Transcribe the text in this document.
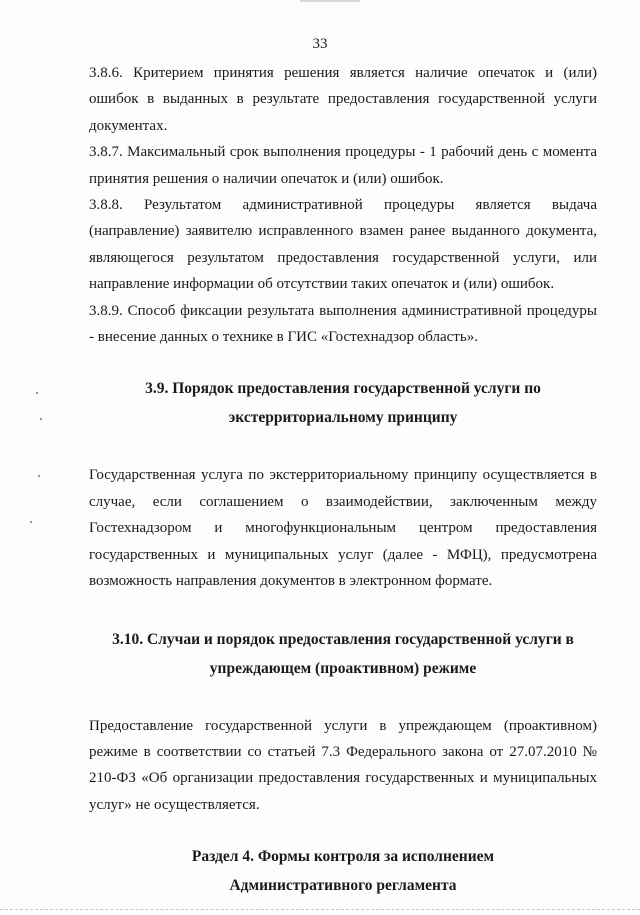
33

3.8.6. Критерием принятия решения является наличие опечаток и (или) ошибок в выданных в результате предоставления государственной услуги документах.

3.8.7. Максимальный срок выполнения процедуры - 1 рабочий день с момента принятия решения о наличии опечаток и (или) ошибок.

3.8.8. Результатом административной процедуры является выдача (направление) заявителю исправленного взамен ранее выданного документа, являющегося результатом предоставления государственной услуги, или направление информации об отсутствии таких опечаток и (или) ошибок.

3.8.9. Способ фиксации результата выполнения административной процедуры - внесение данных о технике в ГИС «Гостехнадзор область».

3.9. Порядок предоставления государственной услуги по экстерриториальному принципу

Государственная услуга по экстерриториальному принципу осуществляется в случае, если соглашением о взаимодействии, заключенным между Гостехнадзором и многофункциональным центром предоставления государственных и муниципальных услуг (далее - МФЦ), предусмотрена возможность направления документов в электронном формате.

3.10. Случаи и порядок предоставления государственной услуги в упреждающем (проактивном) режиме

Предоставление государственной услуги в упреждающем (проактивном) режиме в соответствии со статьей 7.3 Федерального закона от 27.07.2010 № 210-ФЗ «Об организации предоставления государственных и муниципальных услуг» не осуществляется.

Раздел 4. Формы контроля за исполнением Административного регламента
